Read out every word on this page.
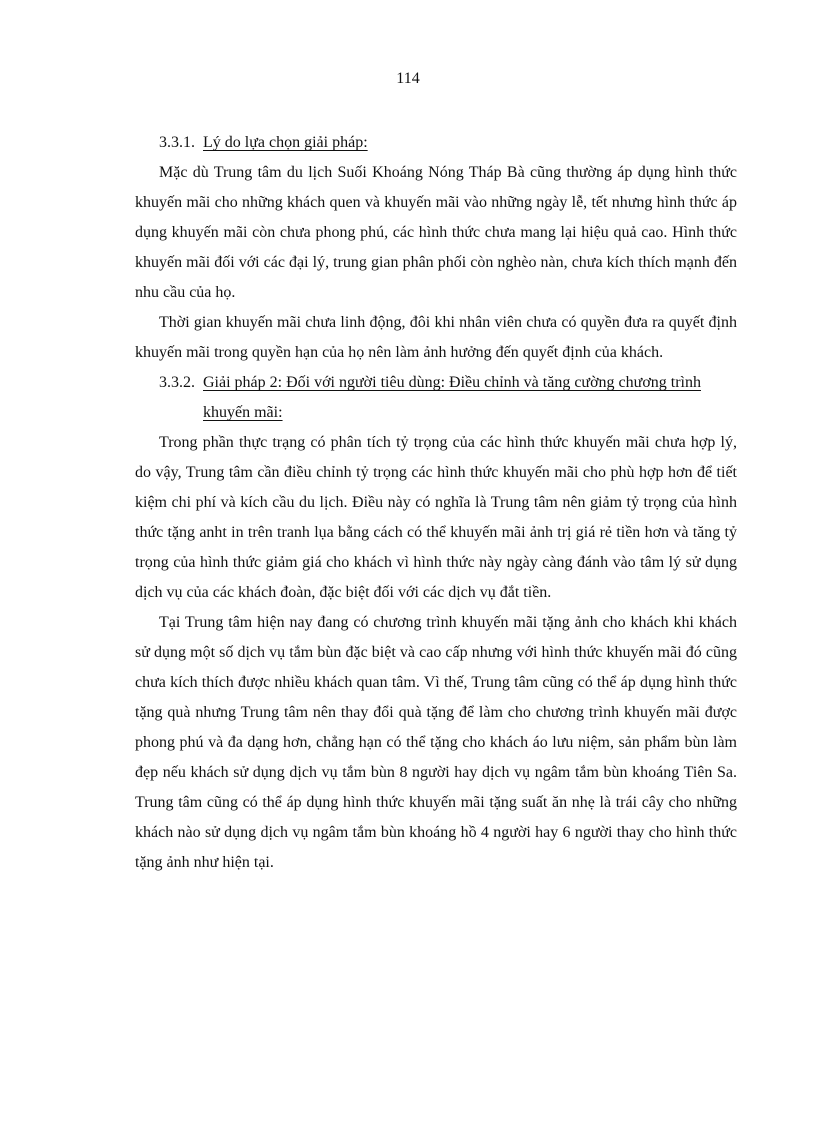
114
3.3.1. Lý do lựa chọn giải pháp:

Mặc dù Trung tâm du lịch Suối Khoáng Nóng Tháp Bà cũng thường áp dụng hình thức khuyến mãi cho những khách quen và khuyến mãi vào những ngày lễ, tết nhưng hình thức áp dụng khuyến mãi còn chưa phong phú, các hình thức chưa mang lại hiệu quả cao. Hình thức khuyến mãi đối với các đại lý, trung gian phân phối còn nghèo nàn, chưa kích thích mạnh đến nhu cầu của họ.

Thời gian khuyến mãi chưa linh động, đôi khi nhân viên chưa có quyền đưa ra quyết định khuyến mãi trong quyền hạn của họ nên làm ảnh hưởng đến quyết định của khách.

3.3.2. Giải pháp 2: Đối với người tiêu dùng: Điều chỉnh và tăng cường chương trình khuyến mãi:

Trong phần thực trạng có phân tích tỷ trọng của các hình thức khuyến mãi chưa hợp lý, do vậy, Trung tâm cần điều chỉnh tỷ trọng các hình thức khuyến mãi cho phù hợp hơn để tiết kiệm chi phí và kích cầu du lịch. Điều này có nghĩa là Trung tâm nên giảm tỷ trọng của hình thức tặng anht in trên tranh lụa bằng cách có thể khuyến mãi ảnh trị giá rẻ tiền hơn và tăng tỷ trọng của hình thức giảm giá cho khách vì hình thức này ngày càng đánh vào tâm lý sử dụng dịch vụ của các khách đoàn, đặc biệt đối với các dịch vụ đắt tiền.

Tại Trung tâm hiện nay đang có chương trình khuyến mãi tặng ảnh cho khách khi khách sử dụng một số dịch vụ tắm bùn đặc biệt và cao cấp nhưng với hình thức khuyến mãi đó cũng chưa kích thích được nhiều khách quan tâm. Vì thế, Trung tâm cũng có thể áp dụng hình thức tặng quà nhưng Trung tâm nên thay đổi quà tặng để làm cho chương trình khuyến mãi được phong phú và đa dạng hơn, chẳng hạn có thể tặng cho khách áo lưu niệm, sản phẩm bùn làm đẹp nếu khách sử dụng dịch vụ tắm bùn 8 người hay dịch vụ ngâm tắm bùn khoáng Tiên Sa. Trung tâm cũng có thể áp dụng hình thức khuyến mãi tặng suất ăn nhẹ là trái cây cho những khách nào sử dụng dịch vụ ngâm tắm bùn khoáng hồ 4 người hay 6 người thay cho hình thức tặng ảnh như hiện tại.
